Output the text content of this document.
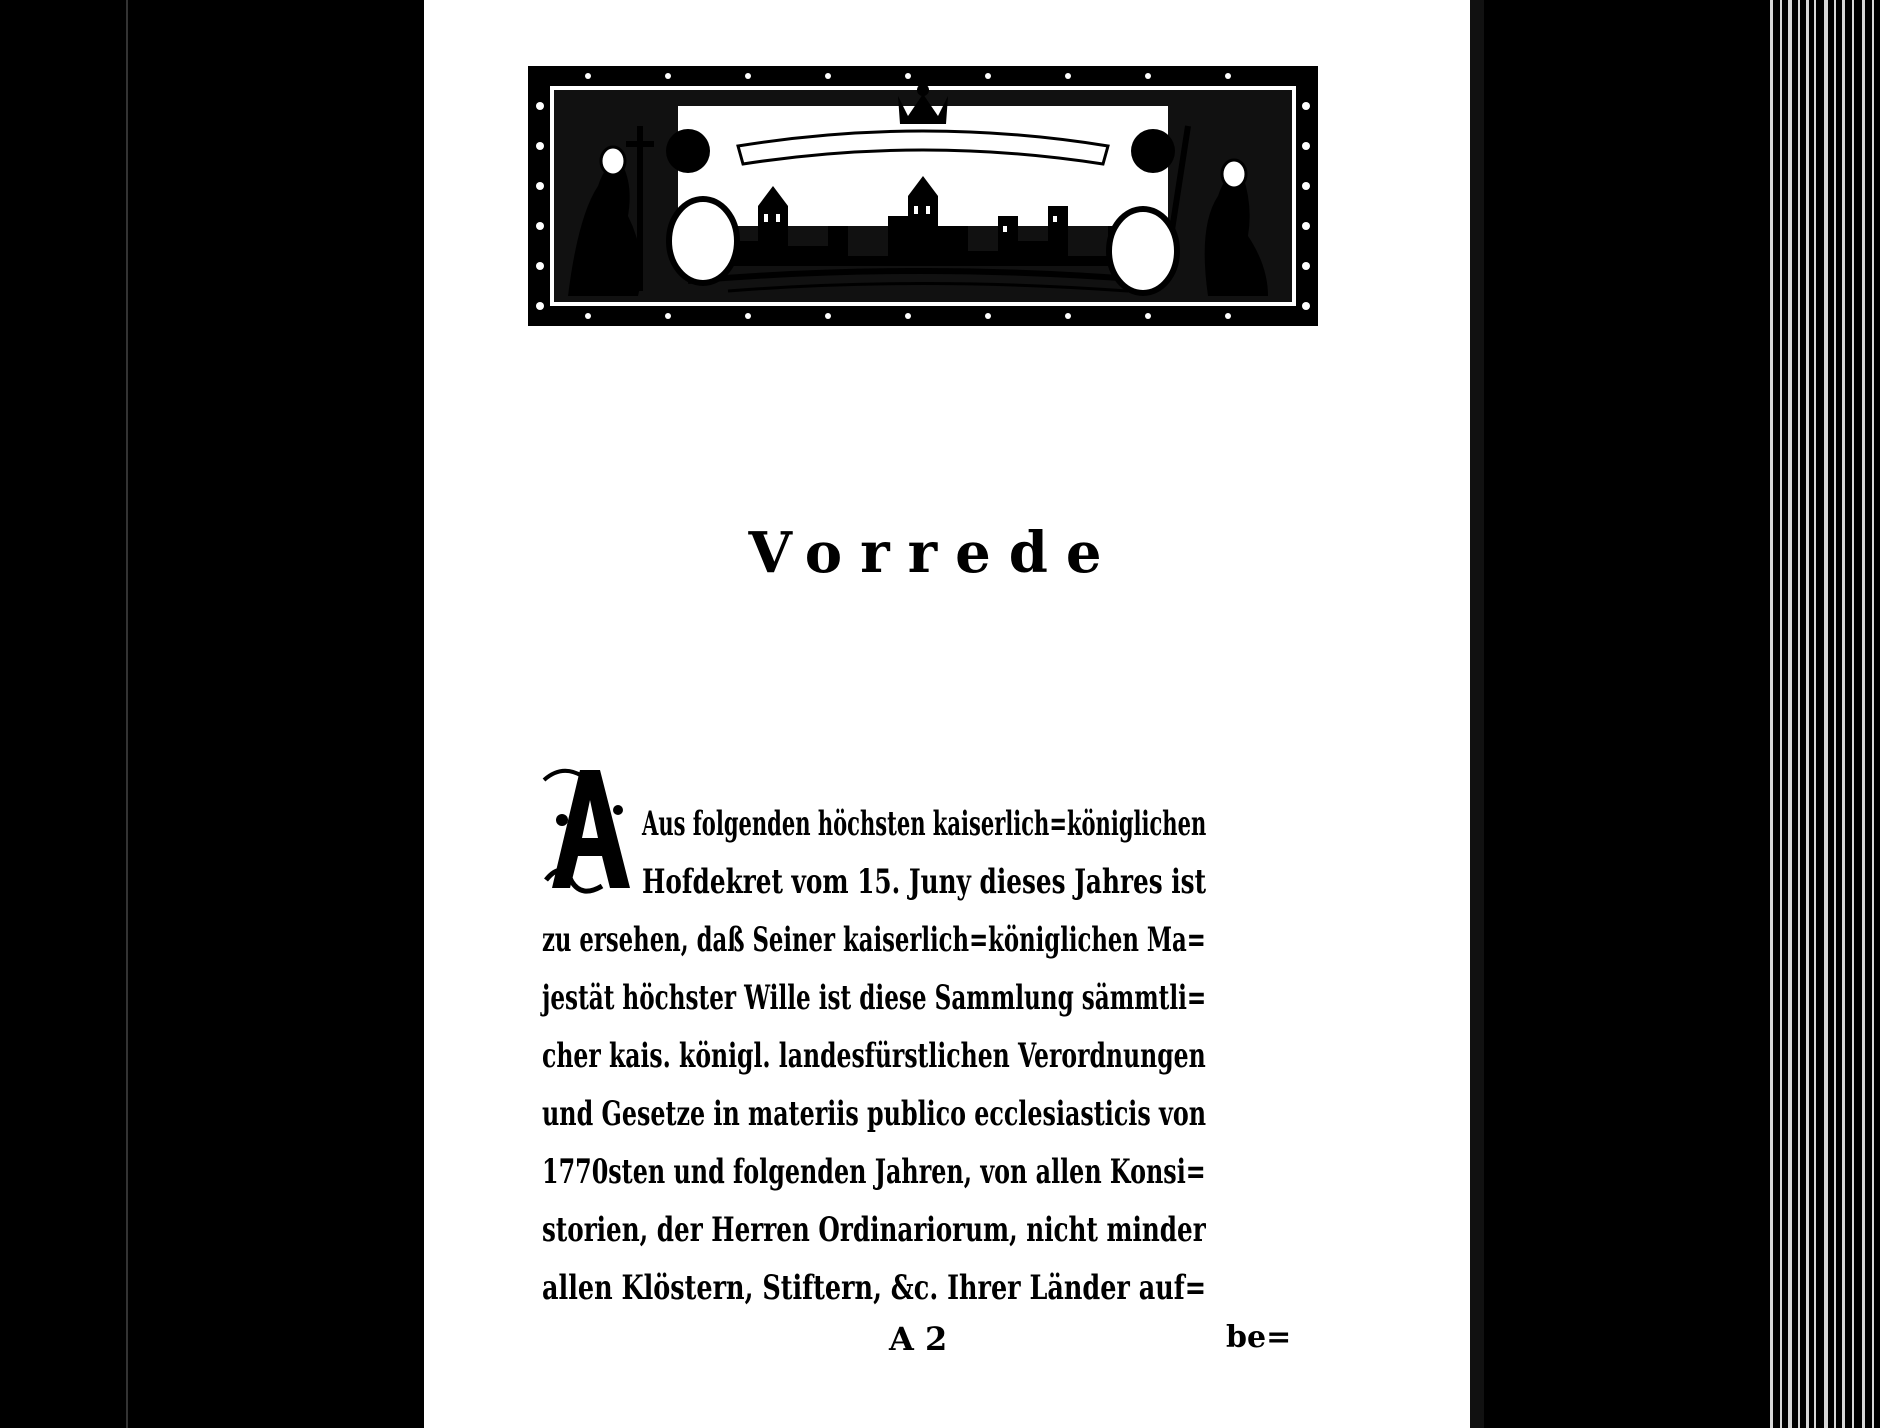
Vorrede
Aus folgenden höchsten kaiserlich=königlichen
Hofdekret vom 15. Juny dieses Jahres ist
zu ersehen, daß Seiner kaiserlich=königlichen Ma=
jestät höchster Wille ist diese Sammlung sämmtli=
cher kais. königl. landesfürstlichen Verordnungen
und Gesetze in materiis publico ecclesiasticis von
1770sten und folgenden Jahren, von allen Konsi=
storien, der Herren Ordinariorum, nicht minder
allen Klöstern, Stiftern, &c. Ihrer Länder auf=
A 2	be=
